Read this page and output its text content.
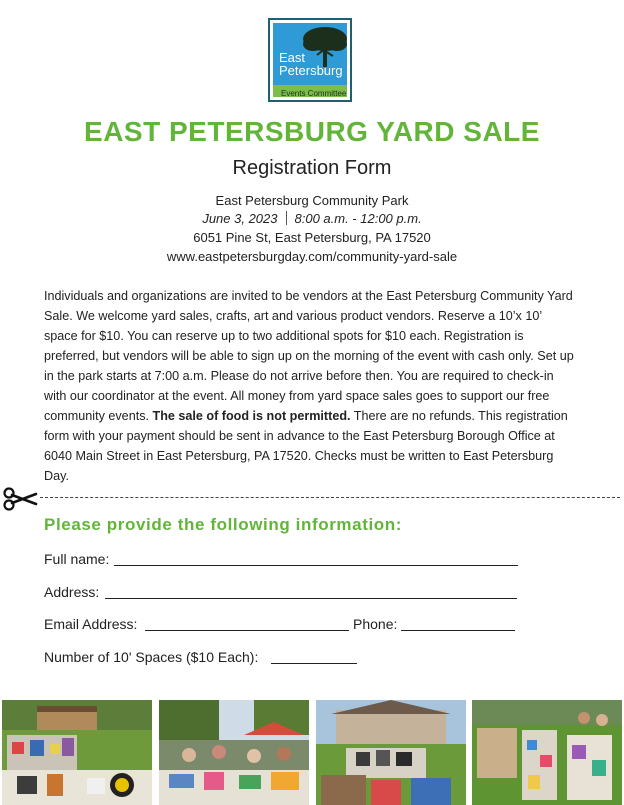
East
Petersburg
Events Committee
EAST PETERSBURG YARD SALE
Registration Form
East Petersburg Community Park
June 3, 2023 8:00 a.m. - 12:00 p.m.
6051 Pine St, East Petersburg, PA 17520
www.eastpetersburgday.com/community-yard-sale
Individuals and organizations are invited to be vendors at the East Petersburg Community Yard Sale. We welcome yard sales, crafts, art and various product vendors. Reserve a 10’x 10’ space for $10. You can reserve up to two additional spots for $10 each. Registration is preferred, but vendors will be able to sign up on the morning of the event with cash only. Set up in the park starts at 7:00 a.m. Please do not arrive before then. You are required to check-in with our coordinator at the event. All money from yard space sales goes to support our free community events. The sale of food is not permitted. There are no refunds. This registration form with your payment should be sent in advance to the East Petersburg Borough Office at 6040 Main Street in East Petersburg, PA 17520. Checks must be written to East Petersburg Day.
Please provide the following information:
Full name:
Address:
Email Address:	Phone:
Number of 10' Spaces ($10 Each):
